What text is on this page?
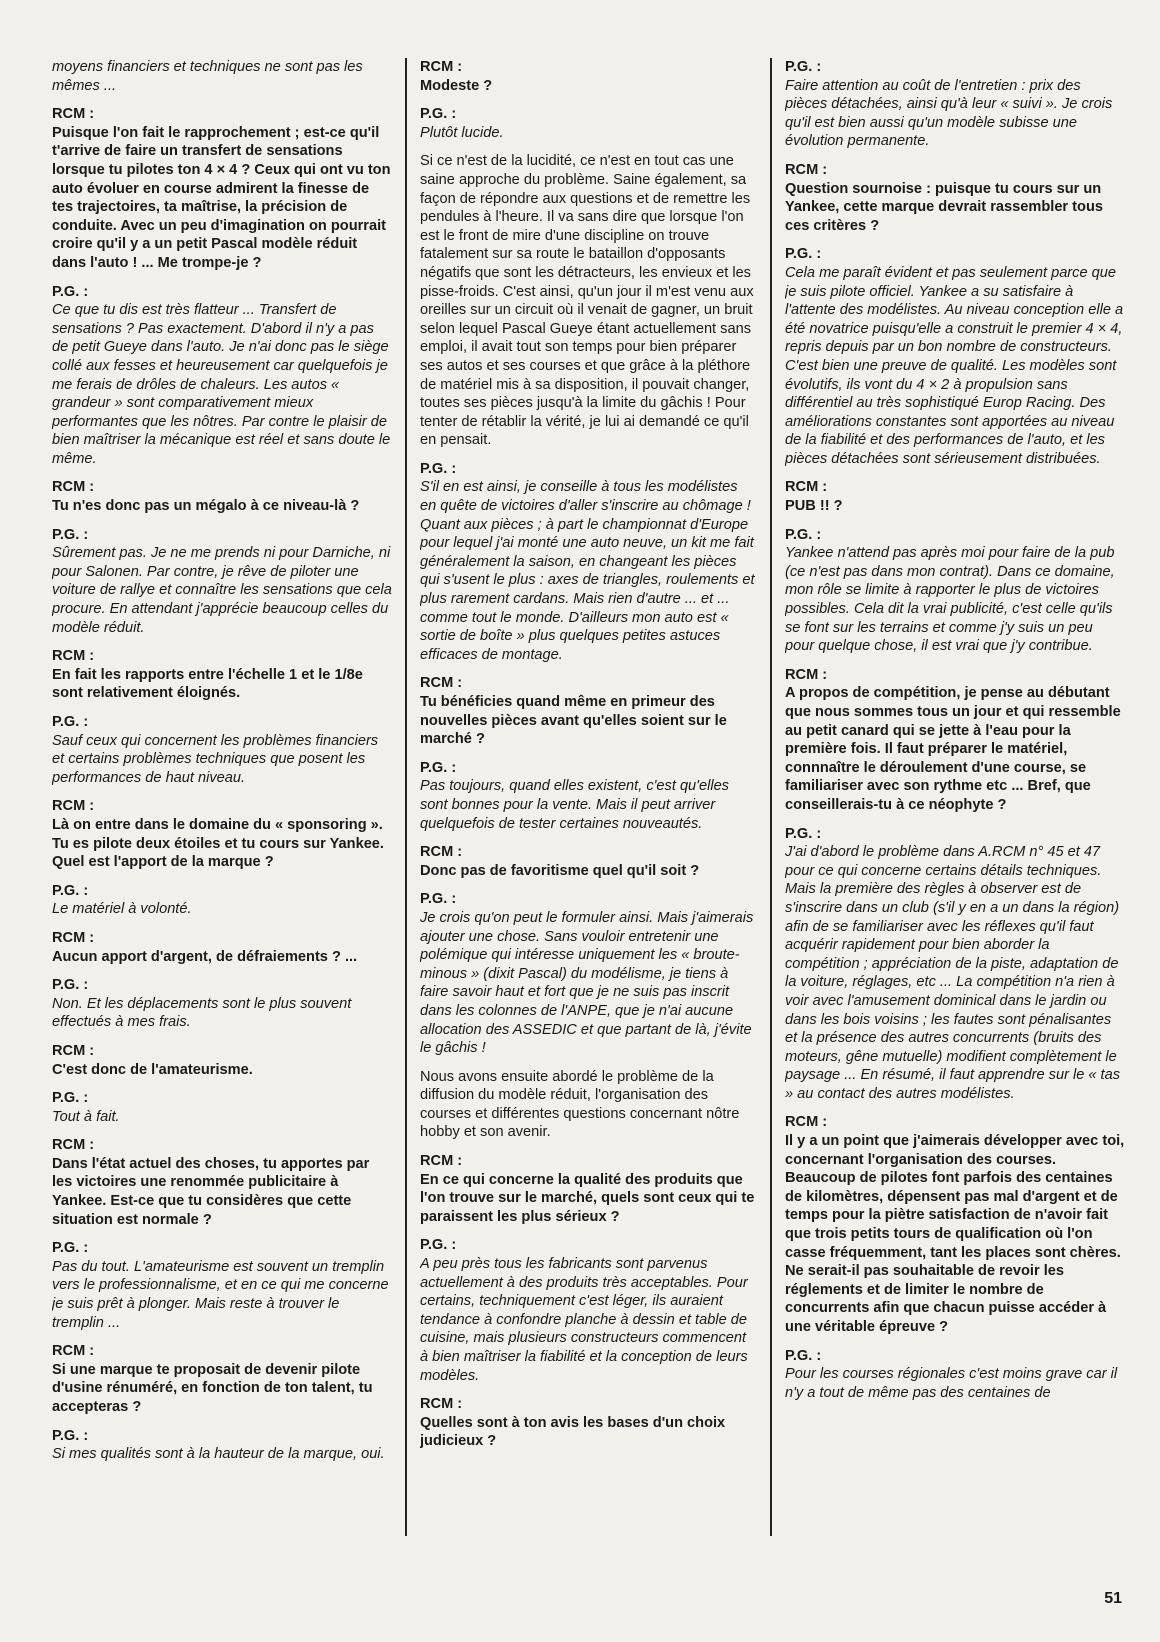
moyens financiers et techniques ne sont pas les mêmes ...

RCM :

Puisque l'on fait le rapprochement ; est-ce qu'il t'arrive de faire un transfert de sensations lorsque tu pilotes ton 4 × 4 ? Ceux qui ont vu ton auto évoluer en course admirent la finesse de tes trajectoires, ta maîtrise, la précision de conduite. Avec un peu d'imagination on pourrait croire qu'il y a un petit Pascal modèle réduit dans l'auto ! ... Me trompe-je ?

P.G. :

Ce que tu dis est très flatteur ... Transfert de sensations ? Pas exactement. D'abord il n'y a pas de petit Gueye dans l'auto. Je n'ai donc pas le siège collé aux fesses et heureusement car quelquefois je me ferais de drôles de chaleurs. Les autos « grandeur » sont comparativement mieux performantes que les nôtres. Par contre le plaisir de bien maîtriser la mécanique est réel et sans doute le même.

RCM :

Tu n'es donc pas un mégalo à ce niveau-là ?

P.G. :

Sûrement pas. Je ne me prends ni pour Darniche, ni pour Salonen. Par contre, je rêve de piloter une voiture de rallye et connaître les sensations que cela procure. En attendant j'apprécie beaucoup celles du modèle réduit.

RCM :

En fait les rapports entre l'échelle 1 et le 1/8e sont relativement éloignés.

P.G. :

Sauf ceux qui concernent les problèmes financiers et certains problèmes techniques que posent les performances de haut niveau.

RCM :

Là on entre dans le domaine du « sponsoring ». Tu es pilote deux étoiles et tu cours sur Yankee. Quel est l'apport de la marque ?

P.G. :

Le matériel à volonté.

RCM :

Aucun apport d'argent, de défraiements ? ...

P.G. :

Non. Et les déplacements sont le plus souvent effectués à mes frais.

RCM :

C'est donc de l'amateurisme.

P.G. :

Tout à fait.

RCM :

Dans l'état actuel des choses, tu apportes par les victoires une renommée publicitaire à Yankee. Est-ce que tu considères que cette situation est normale ?

P.G. :

Pas du tout. L'amateurisme est souvent un tremplin vers le professionnalisme, et en ce qui me concerne je suis prêt à plonger. Mais reste à trouver le tremplin ...

RCM :

Si une marque te proposait de devenir pilote d'usine rénuméré, en fonction de ton talent, tu accepteras ?

P.G. :

Si mes qualités sont à la hauteur de la marque, oui.

RCM :

Modeste ?

P.G. :

Plutôt lucide.

Si ce n'est de la lucidité, ce n'est en tout cas une saine approche du problème. Saine également, sa façon de répondre aux questions et de remettre les pendules à l'heure. Il va sans dire que lorsque l'on est le front de mire d'une discipline on trouve fatalement sur sa route le bataillon d'opposants négatifs que sont les détracteurs, les envieux et les pisse-froids. C'est ainsi, qu'un jour il m'est venu aux oreilles sur un circuit où il venait de gagner, un bruit selon lequel Pascal Gueye étant actuellement sans emploi, il avait tout son temps pour bien préparer ses autos et ses courses et que grâce à la pléthore de matériel mis à sa disposition, il pouvait changer, toutes ses pièces jusqu'à la limite du gâchis ! Pour tenter de rétablir la vérité, je lui ai demandé ce qu'il en pensait.

P.G. :

S'il en est ainsi, je conseille à tous les modélistes en quête de victoires d'aller s'inscrire au chômage ! Quant aux pièces ; à part le championnat d'Europe pour lequel j'ai monté une auto neuve, un kit me fait généralement la saison, en changeant les pièces qui s'usent le plus : axes de triangles, roulements et plus rarement cardans. Mais rien d'autre ... et ... comme tout le monde. D'ailleurs mon auto est « sortie de boîte » plus quelques petites astuces efficaces de montage.

RCM :

Tu bénéficies quand même en primeur des nouvelles pièces avant qu'elles soient sur le marché ?

P.G. :

Pas toujours, quand elles existent, c'est qu'elles sont bonnes pour la vente. Mais il peut arriver quelquefois de tester certaines nouveautés.

RCM :

Donc pas de favoritisme quel qu'il soit ?

P.G. :

Je crois qu'on peut le formuler ainsi. Mais j'aimerais ajouter une chose. Sans vouloir entretenir une polémique qui intéresse uniquement les « broute-minous » (dixit Pascal) du modélisme, je tiens à faire savoir haut et fort que je ne suis pas inscrit dans les colonnes de l'ANPE, que je n'ai aucune allocation des ASSEDIC et que partant de là, j'évite le gâchis !

Nous avons ensuite abordé le problème de la diffusion du modèle réduit, l'organisation des courses et différentes questions concernant nôtre hobby et son avenir.

RCM :

En ce qui concerne la qualité des produits que l'on trouve sur le marché, quels sont ceux qui te paraissent les plus sérieux ?

P.G. :

A peu près tous les fabricants sont parvenus actuellement à des produits très acceptables. Pour certains, techniquement c'est léger, ils auraient tendance à confondre planche à dessin et table de cuisine, mais plusieurs constructeurs commencent à bien maîtriser la fiabilité et la conception de leurs modèles.

RCM :

Quelles sont à ton avis les bases d'un choix judicieux ?

P.G. :

Faire attention au coût de l'entretien : prix des pièces détachées, ainsi qu'à leur « suivi ». Je crois qu'il est bien aussi qu'un modèle subisse une évolution permanente.

RCM :

Question sournoise : puisque tu cours sur un Yankee, cette marque devrait rassembler tous ces critères ?

P.G. :

Cela me paraît évident et pas seulement parce que je suis pilote officiel. Yankee a su satisfaire à l'attente des modélistes. Au niveau conception elle a été novatrice puisqu'elle a construit le premier 4 × 4, repris depuis par un bon nombre de constructeurs. C'est bien une preuve de qualité. Les modèles sont évolutifs, ils vont du 4 × 2 à propulsion sans différentiel au très sophistiqué Europ Racing. Des améliorations constantes sont apportées au niveau de la fiabilité et des performances de l'auto, et les pièces détachées sont sérieusement distribuées.

RCM :

PUB !! ?

P.G. :

Yankee n'attend pas après moi pour faire de la pub (ce n'est pas dans mon contrat). Dans ce domaine, mon rôle se limite à rapporter le plus de victoires possibles. Cela dit la vrai publicité, c'est celle qu'ils se font sur les terrains et comme j'y suis un peu pour quelque chose, il est vrai que j'y contribue.

RCM :

A propos de compétition, je pense au débutant que nous sommes tous un jour et qui ressemble au petit canard qui se jette à l'eau pour la première fois. Il faut préparer le matériel, connnaître le déroulement d'une course, se familiariser avec son rythme etc ... Bref, que conseillerais-tu à ce néophyte ?

P.G. :

J'ai d'abord le problème dans A.RCM n° 45 et 47 pour ce qui concerne certains détails techniques. Mais la première des règles à observer est de s'inscrire dans un club (s'il y en a un dans la région) afin de se familiariser avec les réflexes qu'il faut acquérir rapidement pour bien aborder la compétition ; appréciation de la piste, adaptation de la voiture, réglages, etc ... La compétition n'a rien à voir avec l'amusement dominical dans le jardin ou dans les bois voisins ; les fautes sont pénalisantes et la présence des autres concurrents (bruits des moteurs, gêne mutuelle) modifient complètement le paysage ... En résumé, il faut apprendre sur le « tas » au contact des autres modélistes.

RCM :

Il y a un point que j'aimerais développer avec toi, concernant l'organisation des courses. Beaucoup de pilotes font parfois des centaines de kilomètres, dépensent pas mal d'argent et de temps pour la piètre satisfaction de n'avoir fait que trois petits tours de qualification où l'on casse fréquemment, tant les places sont chères. Ne serait-il pas souhaitable de revoir les réglements et de limiter le nombre de concurrents afin que chacun puisse accéder à une véritable épreuve ?

P.G. :

Pour les courses régionales c'est moins grave car il n'y a tout de même pas des centaines de

51
